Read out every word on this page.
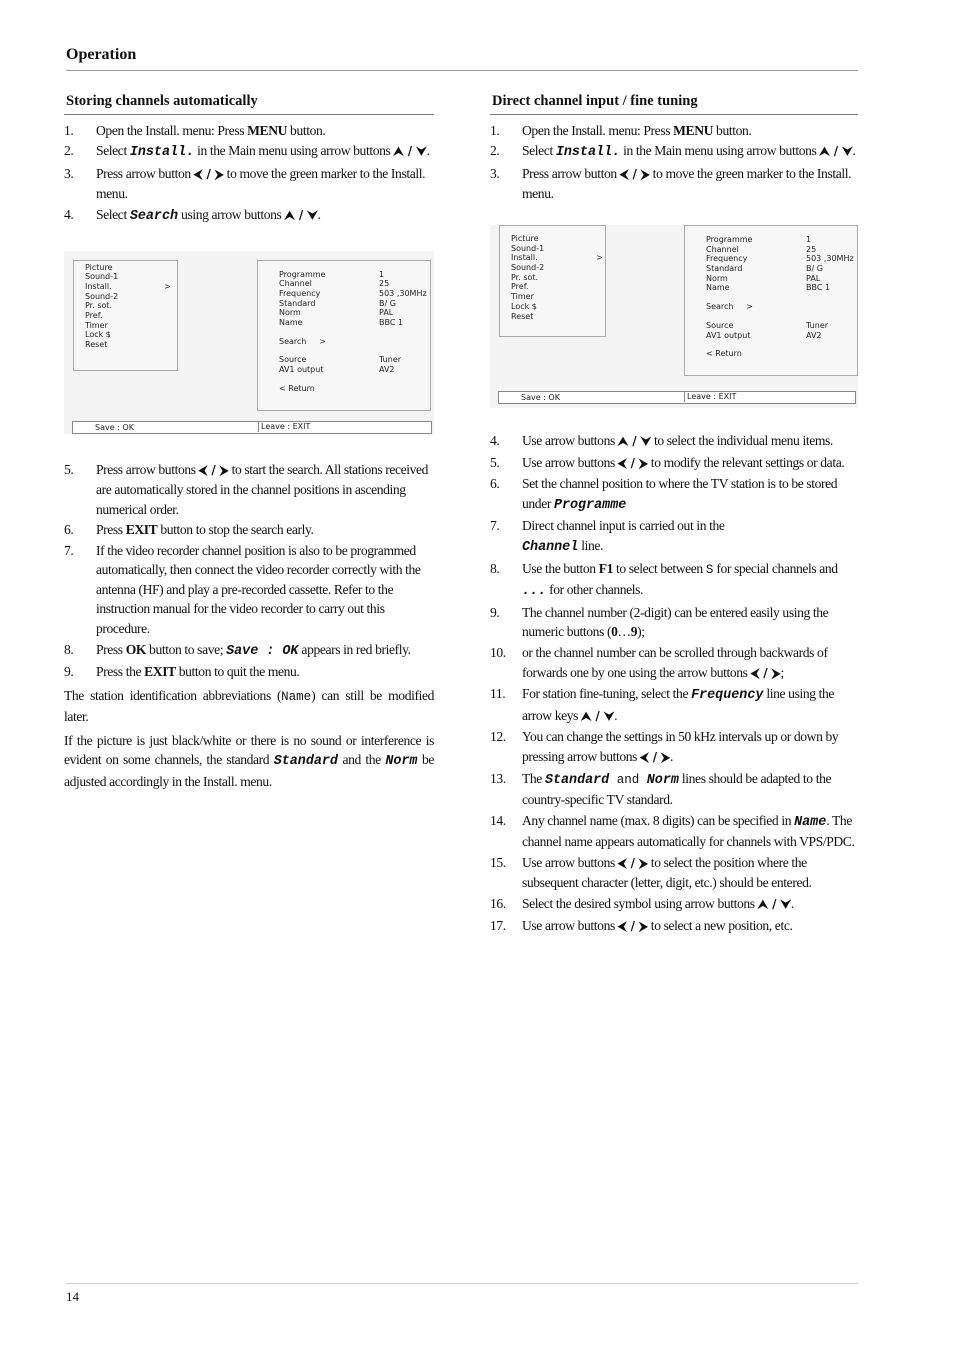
Operation
Storing channels automatically
1. Open the Install. menu: Press MENU button.
2. Select Install. in the Main menu using arrow buttons ⮝ / ⮟.
3. Press arrow button ⮜ / ⮞ to move the green marker to the Install. menu.
4. Select Search using arrow buttons ⮝ / ⮟.
Picture
Sound-1
Install.	>
Sound-2
Pr. sot.
Pref.
Timer
Lock $
Reset
Programme	1
Channel	25
Frequency	503 ,30MHz
Standard	B/ G
Norm	PAL
Name	BBC 1
Search >
Source	Tuner
AV1 output	AV2
< Return
Save : OK	Leave : EXIT
5. Press arrow buttons ⮜ / ⮞ to start the search. All stations received are automatically stored in the channel positions in ascending numerical order.
6. Press EXIT button to stop the search early.
7. If the video recorder channel position is also to be programmed automatically, then connect the video recorder correctly with the antenna (HF) and play a pre-recorded cassette. Refer to the instruction manual for the video recorder to carry out this procedure.
8. Press OK button to save; Save : OK appears in red briefly.
9. Press the EXIT button to quit the menu.

The station identification abbreviations (Name) can still be modified later.

If the picture is just black/white or there is no sound or interference is evident on some channels, the standard Standard and the Norm be adjusted accordingly in the Install. menu.

Direct channel input / fine tuning
1. Open the Install. menu: Press MENU button.
2. Select Install. in the Main menu using arrow buttons ⮝ / ⮟.
3. Press arrow button ⮜ / ⮞ to move the green marker to the Install. menu.
Picture
Sound-1
Install.	>
Sound-2
Pr. sot.
Pref.
Timer
Lock $
Reset
Programme	1
Channel	25
Frequency	503 ,30MHz
Standard	B/ G
Norm	PAL
Name	BBC 1
Search >
Source	Tuner
AV1 output	AV2
< Return
Save : OK	Leave : EXIT
4. Use arrow buttons ⮝ / ⮟ to select the individual menu items.
5. Use arrow buttons ⮜ / ⮞ to modify the relevant settings or data.
6. Set the channel position to where the TV station is to be stored under Programme
7. Direct channel input is carried out in the
Channel line.
8. Use the button F1 to select between S for special channels and ... for other channels.
9. The channel number (2-digit) can be entered easily using the numeric buttons (0…9);
10. or the channel number can be scrolled through backwards of forwards one by one using the arrow buttons ⮜ / ⮞;
11. For station fine-tuning, select the Frequency line using the arrow keys ⮝ / ⮟.
12. You can change the settings in 50 kHz intervals up or down by pressing arrow buttons ⮜ / ⮞.
13. The Standard and Norm lines should be adapted to the country-specific TV standard.
14. Any channel name (max. 8 digits) can be specified in Name. The channel name appears automatically for channels with VPS/PDC.
15. Use arrow buttons ⮜ / ⮞ to select the position where the subsequent character (letter, digit, etc.) should be entered.
16. Select the desired symbol using arrow buttons ⮝ / ⮟.
17. Use arrow buttons ⮜ / ⮞ to select a new position, etc.
14
